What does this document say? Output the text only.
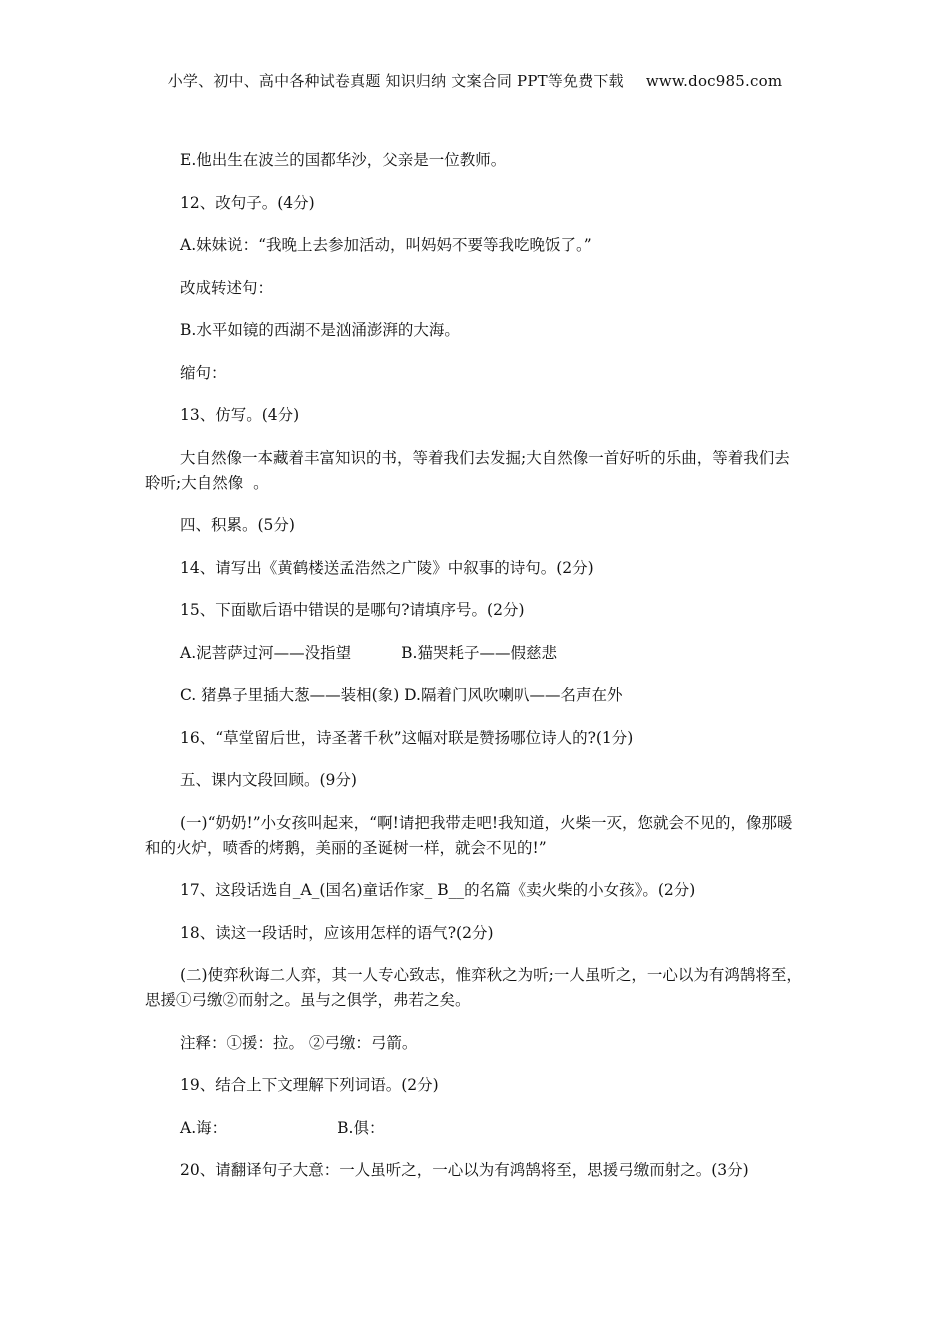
小学、初中、高中各种试卷真题 知识归纳 文案合同 PPT等免费下载 www.doc985.com

E.他出生在波兰的国都华沙，父亲是一位教师。

12、改句子。(4分)

A.妹妹说：“我晚上去参加活动，叫妈妈不要等我吃晚饭了。”

改成转述句：

B.水平如镜的西湖不是汹涌澎湃的大海。

缩句：

13、仿写。(4分)

大自然像一本藏着丰富知识的书，等着我们去发掘;大自然像一首好听的乐曲，等着我们去聆听;大自然像  。

四、积累。(5分)

14、请写出《黄鹤楼送孟浩然之广陵》中叙事的诗句。(2分)

15、下面歇后语中错误的是哪句?请填序号。(2分)

A.泥菩萨过河——没指望	B.猫哭耗子——假慈悲

C. 猪鼻子里插大葱——装相(象) D.隔着门风吹喇叭——名声在外

16、“草堂留后世，诗圣著千秋”这幅对联是赞扬哪位诗人的?(1分)

五、课内文段回顾。(9分)

(一)“奶奶!”小女孩叫起来，“啊!请把我带走吧!我知道，火柴一灭，您就会不见的，像那暖和的火炉，喷香的烤鹅，美丽的圣诞树一样，就会不见的!”

17、这段话选自_A_(国名)童话作家_ B__的名篇《卖火柴的小女孩》。(2分)

18、读这一段话时，应该用怎样的语气?(2分)

(二)使弈秋诲二人弈，其一人专心致志，惟弈秋之为听;一人虽听之，一心以为有鸿鹄将至，思援①弓缴②而射之。虽与之俱学，弗若之矣。

注释：①援：拉。 ②弓缴：弓箭。

19、结合上下文理解下列词语。(2分)

A.诲：	B.俱：

20、请翻译句子大意：一人虽听之，一心以为有鸿鹄将至，思援弓缴而射之。(3分)
